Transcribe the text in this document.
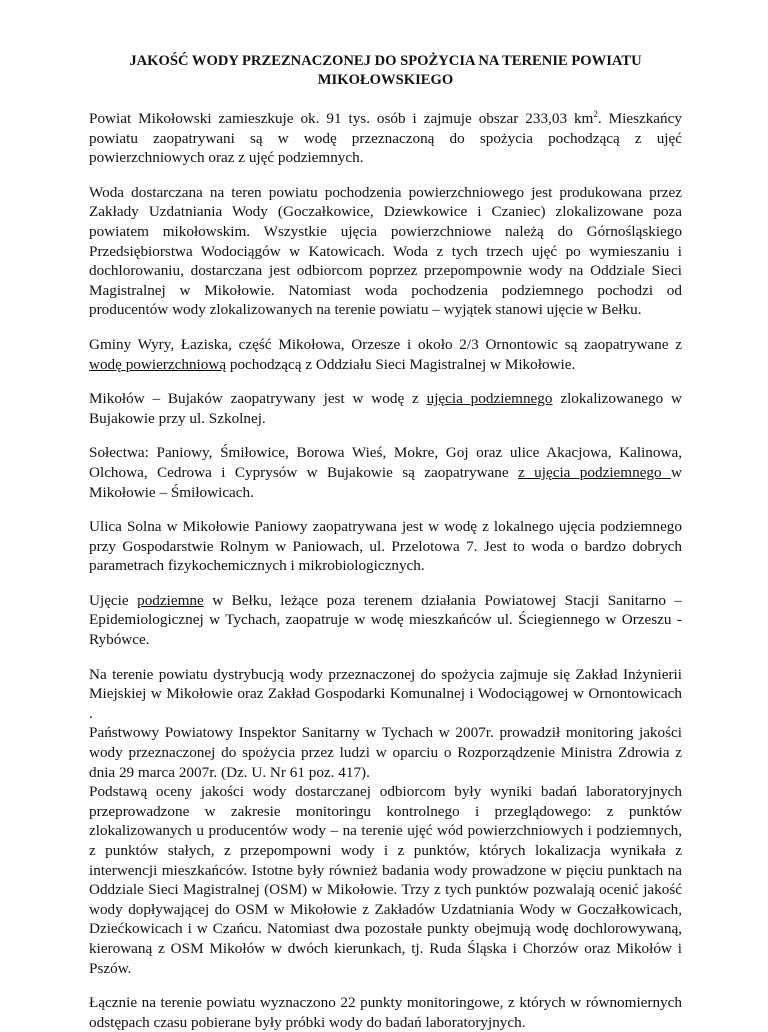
JAKOŚĆ WODY PRZEZNACZONEJ DO SPOŻYCIA NA TERENIE POWIATU MIKOŁOWSKIEGO

Powiat Mikołowski zamieszkuje ok. 91 tys. osób i zajmuje obszar 233,03 $km^2$. Mieszkańcy powiatu zaopatrywani są w wodę przeznaczoną do spożycia pochodzącą z ujęć powierzchniowych oraz z ujęć podziemnych.

Woda dostarczana na teren powiatu pochodzenia powierzchniowego jest produkowana przez Zakłady Uzdatniania Wody (Goczałkowice, Dziewkowice i Czaniec) zlokalizowane poza powiatem mikołowskim. Wszystkie ujęcia powierzchniowe należą do Górnośląskiego Przedsiębiorstwa Wodociągów w Katowicach. Woda z tych trzech ujęć po wymieszaniu i dochlorowaniu, dostarczana jest odbiorcom poprzez przepompownie wody na Oddziale Sieci Magistralnej w Mikołowie. Natomiast woda pochodzenia podziemnego pochodzi od producentów wody zlokalizowanych na terenie powiatu – wyjątek stanowi ujęcie w Bełku.

Gminy Wyry, Łaziska, część Mikołowa, Orzesze i około 2/3 Ornontowic są zaopatrywane z wodę powierzchniową pochodzącą z Oddziału Sieci Magistralnej w Mikołowie.

Mikołów – Bujaków zaopatrywany jest w wodę z ujęcia podziemnego zlokalizowanego w Bujakowie przy ul. Szkolnej.

Sołectwa: Paniowy, Śmiłowice, Borowa Wieś, Mokre, Goj oraz ulice Akacjowa, Kalinowa, Olchowa, Cedrowa i Cyprysów w Bujakowie są zaopatrywane z ujęcia podziemnego w Mikołowie – Śmiłowicach.

Ulica Solna w Mikołowie Paniowy zaopatrywana jest w wodę z lokalnego ujęcia podziemnego przy Gospodarstwie Rolnym w Paniowach, ul. Przelotowa 7. Jest to woda o bardzo dobrych parametrach fizykochemicznych i mikrobiologicznych.

Ujęcie podziemne w Bełku, leżące poza terenem działania Powiatowej Stacji Sanitarno – Epidemiologicznej w Tychach, zaopatruje w wodę mieszkańców ul. Ściegiennego w Orzeszu - Rybówce.

Na terenie powiatu dystrybucją wody przeznaczonej do spożycia zajmuje się Zakład Inżynierii Miejskiej w Mikołowie oraz Zakład Gospodarki Komunalnej i Wodociągowej w Ornontowicach .

Państwowy Powiatowy Inspektor Sanitarny w Tychach w 2007r. prowadził monitoring jakości wody przeznaczonej do spożycia przez ludzi w oparciu o Rozporządzenie Ministra Zdrowia z dnia 29 marca 2007r. (Dz. U. Nr 61 poz. 417).

Podstawą oceny jakości wody dostarczanej odbiorcom były wyniki badań laboratoryjnych przeprowadzone w zakresie monitoringu kontrolnego i przeglądowego: z punktów zlokalizowanych u producentów wody – na terenie ujęć wód powierzchniowych i podziemnych, z punktów stałych, z przepompowni wody i z punktów, których lokalizacja wynikała z interwencji mieszkańców. Istotne były również badania wody prowadzone w pięciu punktach na Oddziale Sieci Magistralnej (OSM) w Mikołowie. Trzy z tych punktów pozwalają ocenić jakość wody dopływającej do OSM w Mikołowie z Zakładów Uzdatniania Wody w Goczałkowicach, Dziećkowicach i w Czańcu. Natomiast dwa pozostałe punkty obejmują wodę dochlorowywaną, kierowaną z OSM Mikołów w dwóch kierunkach, tj. Ruda Śląska i Chorzów oraz Mikołów i Pszów.

Łącznie na terenie powiatu wyznaczono 22 punkty monitoringowe, z których w równomiernych odstępach czasu pobierane były próbki wody do badań laboratoryjnych.
